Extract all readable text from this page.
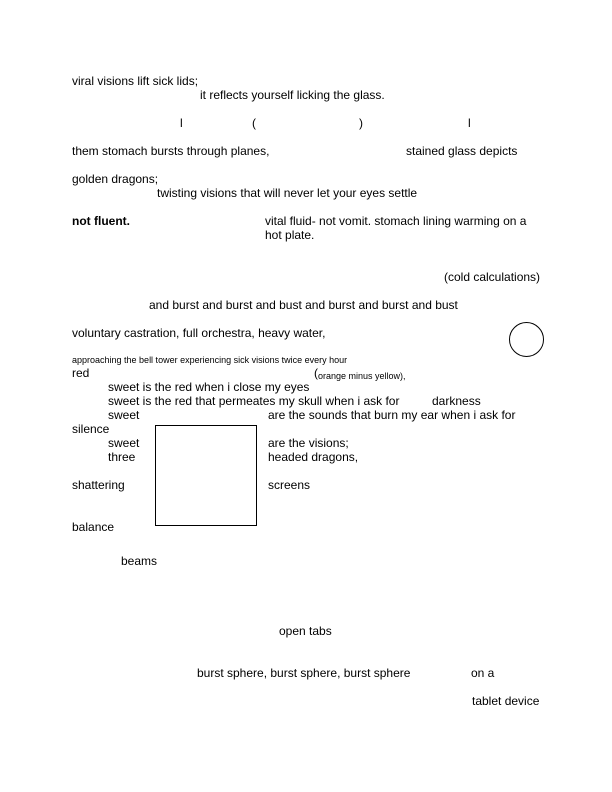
viral visions lift sick lids;
it reflects yourself licking the glass.
l	(	)	l
them stomach bursts through planes,	stained glass depicts
golden dragons;
twisting visions that will never let your eyes settle
not fluent.	vital fluid- not vomit. stomach lining warming on a
hot plate.
(cold calculations)
and burst and burst and bust and burst and burst and bust
voluntary castration, full orchestra, heavy water,
approaching the bell tower experiencing sick visions twice every hour
red	( orange minus yellow),
sweet is the red when i close my eyes
sweet is the red that permeates my skull when i ask for	darkness
sweet	are the sounds that burn my ear when i ask for
silence
sweet	are the visions;
three	headed dragons,
shattering	screens
balance
beams
open tabs
burst sphere, burst sphere, burst sphere	on a
tablet device
